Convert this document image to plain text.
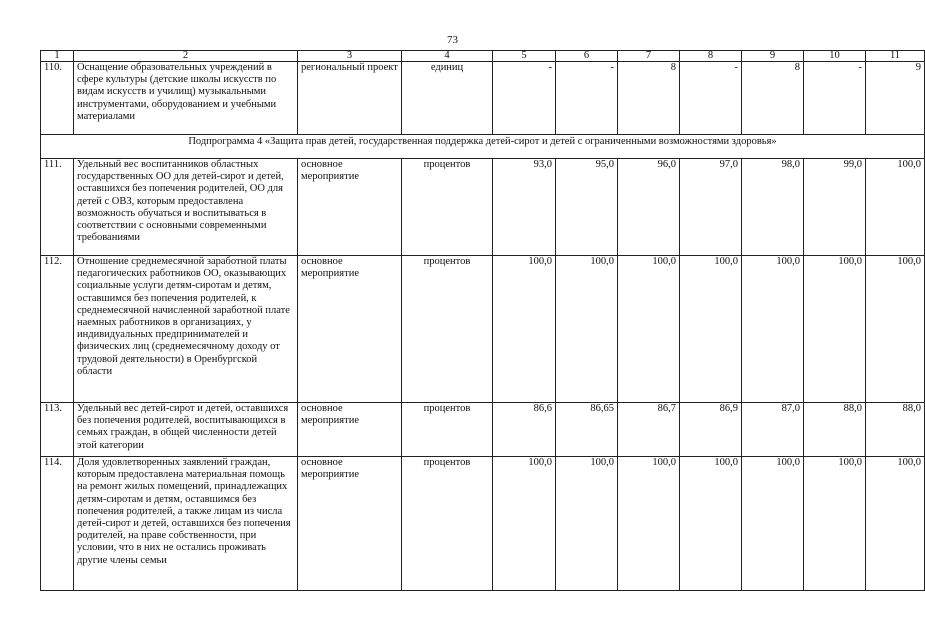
73
1	2	3	4	5	6	7	8	9	10	11
110.	Оснащение образовательных учреждений в сфере культуры (детские школы искусств по видам искусств и училищ) музыкальными инструментами, оборудованием и учебными материалами	региональный проект	единиц	-	-	8	-	8	-	9
Подпрограмма 4 «Защита прав детей, государственная поддержка детей-сирот и детей с ограниченными возможностями здоровья»										
111.	Удельный вес воспитанников областных государственных ОО для детей-сирот и детей, оставшихся без попечения родителей, ОО для детей с ОВЗ, которым предоставлена возможность обучаться и воспитываться в соответствии с основными современными требованиями	основное мероприятие	процентов	93,0	95,0	96,0	97,0	98,0	99,0	100,0
112.	Отношение среднемесячной заработной платы педагогических работников ОО, оказывающих социальные услуги детям-сиротам и детям, оставшимся без попечения родителей, к среднемесячной начисленной заработной плате наемных работников в организациях, у индивидуальных предпринимателей и физических лиц (среднемесячному доходу от трудовой деятельности) в Оренбургской области	основное мероприятие	процентов	100,0	100,0	100,0	100,0	100,0	100,0	100,0
113.	Удельный вес детей-сирот и детей, оставшихся без попечения родителей, воспитывающихся в семьях граждан, в общей численности детей этой категории	основное мероприятие	процентов	86,6	86,65	86,7	86,9	87,0	88,0	88,0
114.	Доля удовлетворенных заявлений граждан, которым предоставлена материальная помощь на ремонт жилых помещений, принадлежащих детям-сиротам и детям, оставшимся без попечения родителей, а также лицам из числа детей-сирот и детей, оставшихся без попечения родителей, на праве собственности, при условии, что в них не остались проживать другие члены семьи	основное мероприятие	процентов	100,0	100,0	100,0	100,0	100,0	100,0	100,0
